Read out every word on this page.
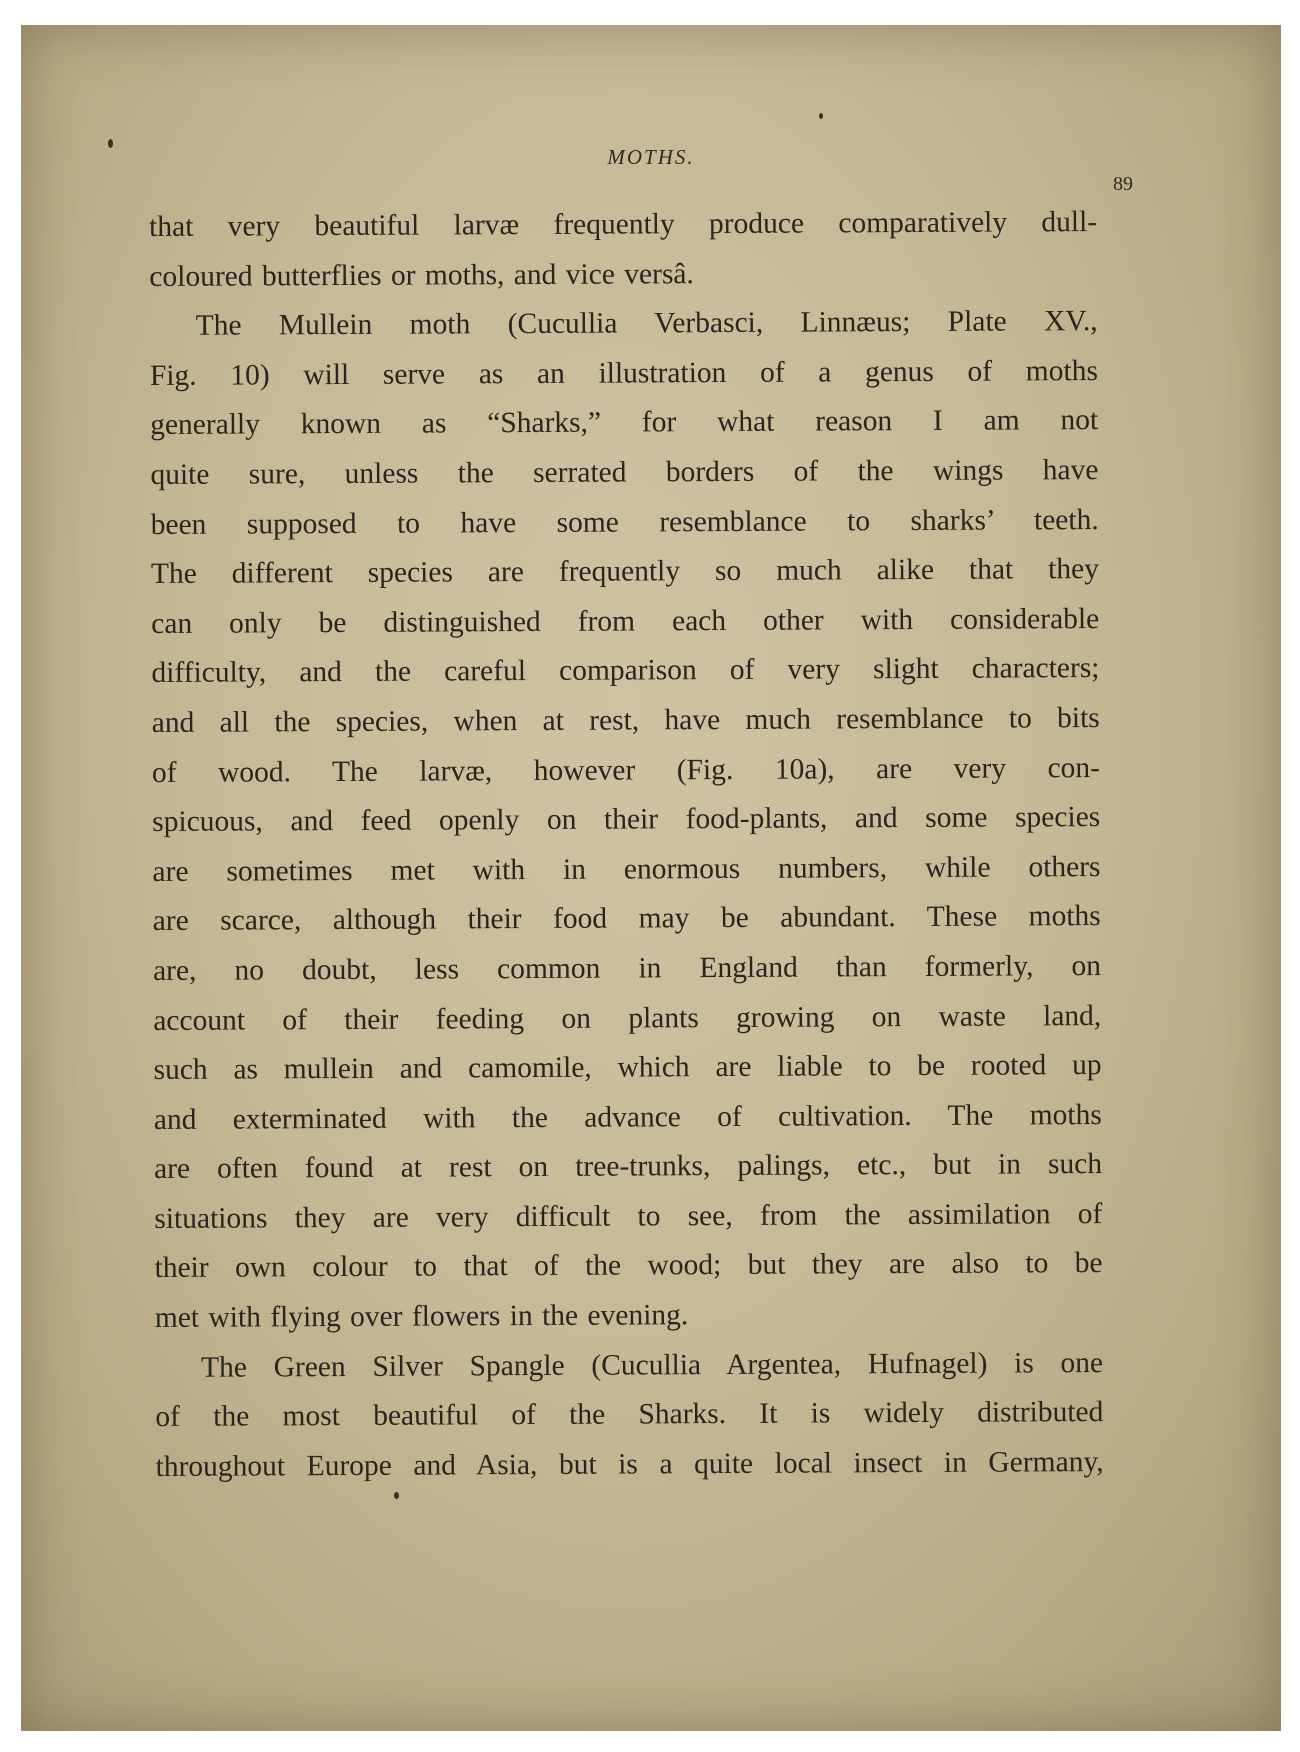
MOTHS.
89
that very beautiful larvæ frequently produce comparatively dull-
coloured butterflies or moths, and vice versâ.
The Mullein moth (Cucullia Verbasci, Linnæus; Plate XV.,
Fig. 10) will serve as an illustration of a genus of moths
generally known as “Sharks,” for what reason I am not
quite sure, unless the serrated borders of the wings have
been supposed to have some resemblance to sharks’ teeth.
The different species are frequently so much alike that they
can only be distinguished from each other with considerable
difficulty, and the careful comparison of very slight characters;
and all the species, when at rest, have much resemblance to bits
of wood. The larvæ, however (Fig. 10a), are very con-
spicuous, and feed openly on their food-plants, and some species
are sometimes met with in enormous numbers, while others
are scarce, although their food may be abundant. These moths
are, no doubt, less common in England than formerly, on
account of their feeding on plants growing on waste land,
such as mullein and camomile, which are liable to be rooted up
and exterminated with the advance of cultivation. The moths
are often found at rest on tree-trunks, palings, etc., but in such
situations they are very difficult to see, from the assimilation of
their own colour to that of the wood; but they are also to be
met with flying over flowers in the evening.
The Green Silver Spangle (Cucullia Argentea, Hufnagel) is one
of the most beautiful of the Sharks. It is widely distributed
throughout Europe and Asia, but is a quite local insect in Germany,
